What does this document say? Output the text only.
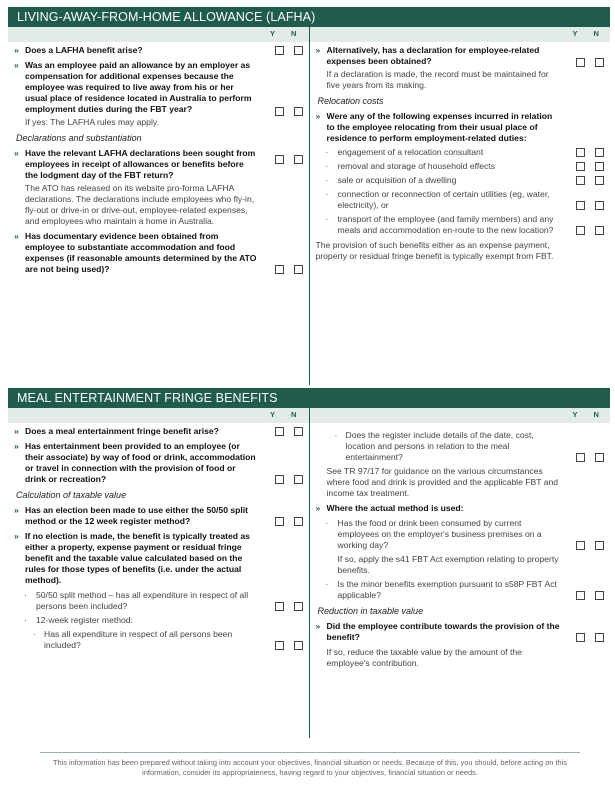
LIVING-AWAY-FROM-HOME ALLOWANCE (LAFHA)
Y N	Y N
» Does a LAFHA benefit arise?
» Was an employee paid an allowance by an employer as compensation for additional expenses because the employee was required to live away from his or her usual place of residence located in Australia to perform employment duties during the FBT year?
If yes: The LAFHA rules may apply.
Declarations and substantiation
» Have the relevant LAFHA declarations been sought from employees in receipt of allowances or benefits before the lodgment day of the FBT return?
The ATO has released on its website pro-forma LAFHA declarations. The declarations include employees who fly-in, fly-out or drive-in or drive-out, employee-related expenses, and employees who maintain a home in Australia.
» Has documentary evidence been obtained from employee to substantiate accommodation and food expenses (if reasonable amounts determined by the ATO are not being used)?
» Alternatively, has a declaration for employee-related expenses been obtained?
If a declaration is made, the record must be maintained for five years from its making.
Relocation costs
» Were any of the following expenses incurred in relation to the employee relocating from their usual place of residence to perform employment-related duties:
· engagement of a relocation consultant
· removal and storage of household effects
· sale or acquisition of a dwelling
· connection or reconnection of certain utilities (eg, water, electricity), or
· transport of the employee (and family members) and any meals and accommodation en-route to the new location?
The provision of such benefits either as an expense payment, property or residual fringe benefit is typically exempt from FBT.
MEAL ENTERTAINMENT FRINGE BENEFITS
Y N	Y N
» Does a meal entertainment fringe benefit arise?
» Has entertainment been provided to an employee (or their associate) by way of food or drink, accommodation or travel in connection with the provision of food or drink or recreation?
Calculation of taxable value
» Has an election been made to use either the 50/50 split method or the 12 week register method?
» If no election is made, the benefit is typically treated as either a property, expense payment or residual fringe benefit and the taxable value calculated based on the rules for those types of benefits (i.e. under the actual method).
· 50/50 split method – has all expenditure in respect of all persons been included?
· 12-week register method:
· Has all expenditure in respect of all persons been included?
· Does the register include details of the date, cost, location and persons in relation to the meal entertainment?
See TR 97/17 for guidance on the various circumstances where food and drink is provided and the applicable FBT and income tax treatment.
» Where the actual method is used:
· Has the food or drink been consumed by current employees on the employer's business premises on a working day?
If so, apply the s41 FBT Act exemption relating to property benefits.
· Is the minor benefits exemption pursuant to s58P FBT Act applicable?
Reduction in taxable value
» Did the employee contribute towards the provision of the benefit?
If so, reduce the taxable value by the amount of the employee's contribution.
This information has been prepared without taking into account your objectives, financial situation or needs. Because of this, you should, before acting on this information, consider its appropriateness, having regard to your objectives, financial situation or needs.
